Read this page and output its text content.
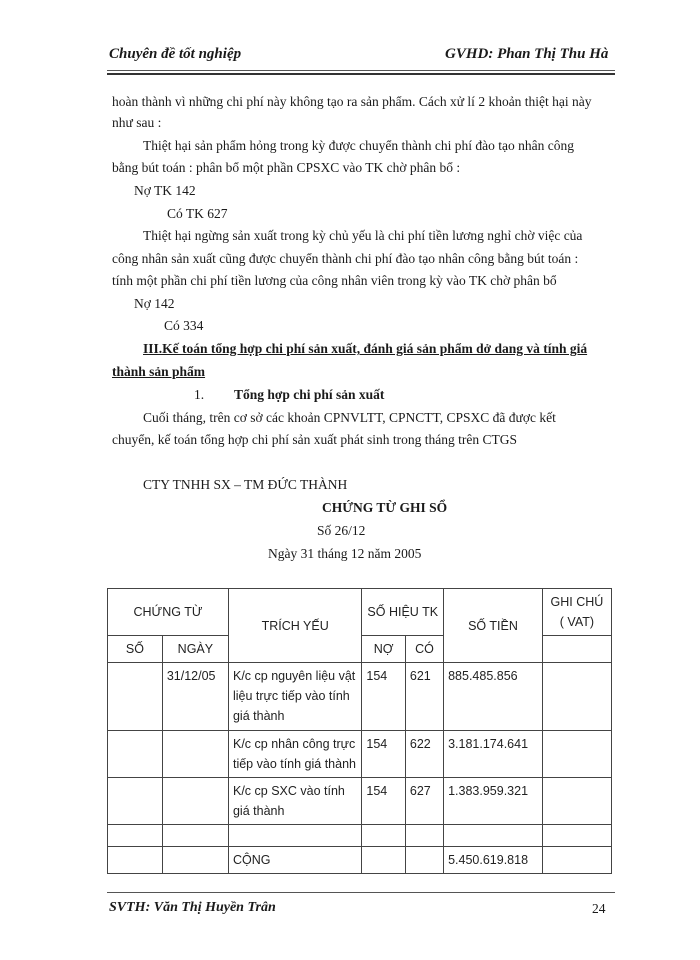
Chuyên đề tốt nghiệp	GVHD: Phan Thị Thu Hà
hoàn thành vì những chi phí này không tạo ra sản phẩm. Cách xử lí 2 khoản thiệt hại này
như sau :
Thiệt hại sản phẩm hỏng trong kỳ được chuyển thành chi phí đào tạo nhân công
bằng bút toán : phân bổ một phần CPSXC vào TK chờ phân bổ :
Nợ TK 142
Có TK 627
Thiệt hại ngừng sản xuất trong kỳ chủ yếu là chi phí tiền lương nghỉ chờ việc của
công nhân sản xuất cũng được chuyển thành chi phí đào tạo nhân công bằng bút toán :
tính một phần chi phí tiền lương của công nhân viên trong kỳ vào TK chờ phân bổ
Nợ 142
Có 334
III.Kế toán tổng hợp chi phí sản xuất, đánh giá sản phẩm dở dang và tính giá
thành sản phẩm
1. Tổng hợp chi phí sản xuất
Cuối tháng, trên cơ sở các khoản CPNVLTT, CPNCTT, CPSXC đã được kết
chuyển, kế toán tổng hợp chi phí sản xuất phát sinh trong tháng trên CTGS
CTY TNHH SX – TM ĐỨC THÀNH
CHỨNG TỪ GHI SỔ
Số 26/12
Ngày 31 tháng 12 năm 2005
CHỨNG TỪ		TRÍCH YẾU	SỐ HIỆU TK		SỐ TIỀN	GHI CHÚ ( VAT)
SỐ	NGÀY		NỢ	CÓ		
	31/12/05	K/c cp nguyên liệu vật liệu trực tiếp vào tính giá thành	154	621	885.485.856	
		K/c cp nhân công trực tiếp vào tính giá thành	154	622	3.181.174.641	
		K/c cp SXC vào tính giá thành	154	627	1.383.959.321	

		CỘNG			5.450.619.818	
SVTH: Văn Thị Huyền Trân	24
